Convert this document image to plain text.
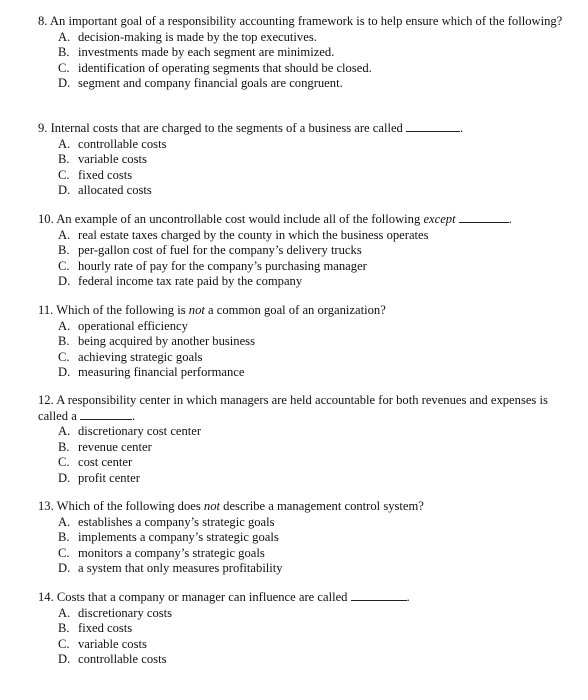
8. An important goal of a responsibility accounting framework is to help ensure which of the following?

A. decision-making is made by the top executives.
B. investments made by each segment are minimized.
C. identification of operating segments that should be closed.
D. segment and company financial goals are congruent.

9. Internal costs that are charged to the segments of a business are called	.

A. controllable costs
B. variable costs
C. fixed costs
D. allocated costs

10. An example of an uncontrollable cost would include all of the following except	.

A. real estate taxes charged by the county in which the business operates
B. per-gallon cost of fuel for the company’s delivery trucks
C. hourly rate of pay for the company’s purchasing manager
D. federal income tax rate paid by the company

11. Which of the following is not a common goal of an organization?

A. operational efficiency
B. being acquired by another business
C. achieving strategic goals
D. measuring financial performance

12. A responsibility center in which managers are held accountable for both revenues and expenses is called a	.

A. discretionary cost center
B. revenue center
C. cost center
D. profit center

13. Which of the following does not describe a management control system?

A. establishes a company’s strategic goals
B. implements a company’s strategic goals
C. monitors a company’s strategic goals
D. a system that only measures profitability

14. Costs that a company or manager can influence are called	.

A. discretionary costs
B. fixed costs
C. variable costs
D. controllable costs
